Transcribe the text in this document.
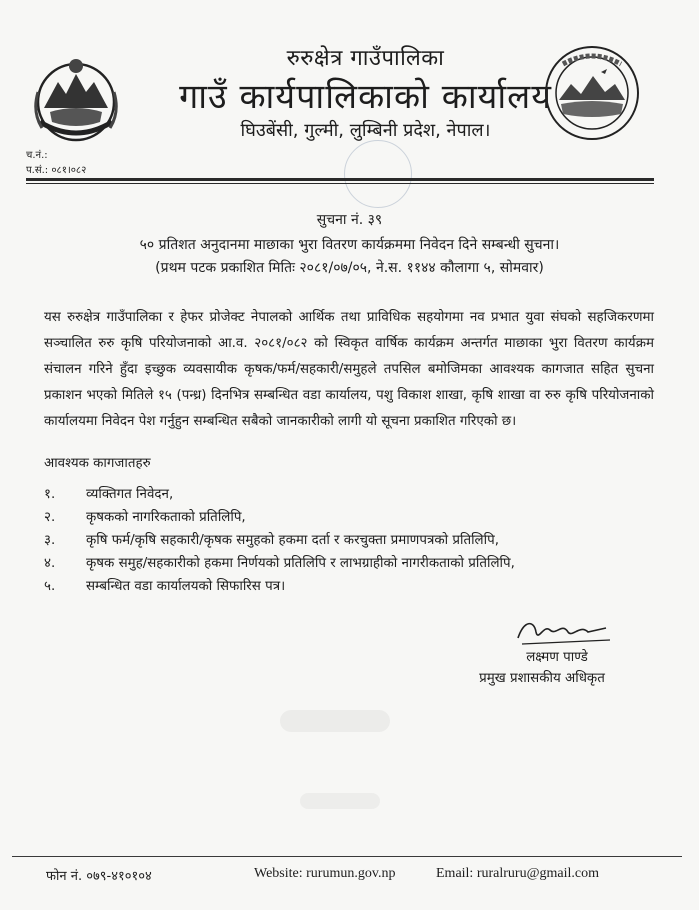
रुरुक्षेत्र गाउँपालिका
गाउँ कार्यपालिकाको कार्यालय
घिउबेंसी, गुल्मी, लुम्बिनी प्रदेश, नेपाल।
च.नं.:
प.सं.: ०८१।०८२
सुचना नं. ३९
५० प्रतिशत अनुदानमा माछाका भुरा वितरण कार्यक्रममा निवेदन दिने सम्बन्धी सुचना।
(प्रथम पटक प्रकाशित मितिः २०८१/०७/०५, ने.स. ११४४ कौलागा ५, सोमवार)
यस रुरुक्षेत्र गाउँपालिका र हेफर प्रोजेक्ट नेपालको आर्थिक तथा प्राविधिक सहयोगमा नव प्रभात युवा संघको सहजिकरणमा सञ्चालित रुरु कृषि परियोजनाको आ.व. २०८१/०८२ को स्विकृत वार्षिक कार्यक्रम अन्तर्गत माछाका भुरा वितरण कार्यक्रम संचालन गरिने हुँदा इच्छुक व्यवसायीक कृषक/फर्म/सहकारी/समुहले तपसिल बमोजिमका आवश्यक कागजात सहित सुचना प्रकाशन भएको मितिले १५ (पन्ध्र) दिनभित्र सम्बन्धित वडा कार्यालय, पशु विकाश शाखा, कृषि शाखा वा रुरु कृषि परियोजनाको कार्यालयमा निवेदन पेश गर्नुहुन सम्बन्धित सबैको जानकारीको लागी यो सूचना प्रकाशित गरिएको छ।
आवश्यक कागजातहरु
१. व्यक्तिगत निवेदन,
२. कृषकको नागरिकताको प्रतिलिपि,
३. कृषि फर्म/कृषि सहकारी/कृषक समुहको हकमा दर्ता र करचुक्ता प्रमाणपत्रको प्रतिलिपि,
४. कृषक समुह/सहकारीको हकमा निर्णयको प्रतिलिपि र लाभग्राहीको नागरीकताको प्रतिलिपि,
५. सम्बन्धित वडा कार्यालयको सिफारिस पत्र।
लक्ष्मण पाण्डे
प्रमुख प्रशासकीय अधिकृत
फोन नं. ०७९-४१०१०४	Website: rurumun.gov.np	Email: ruralruru@gmail.com
